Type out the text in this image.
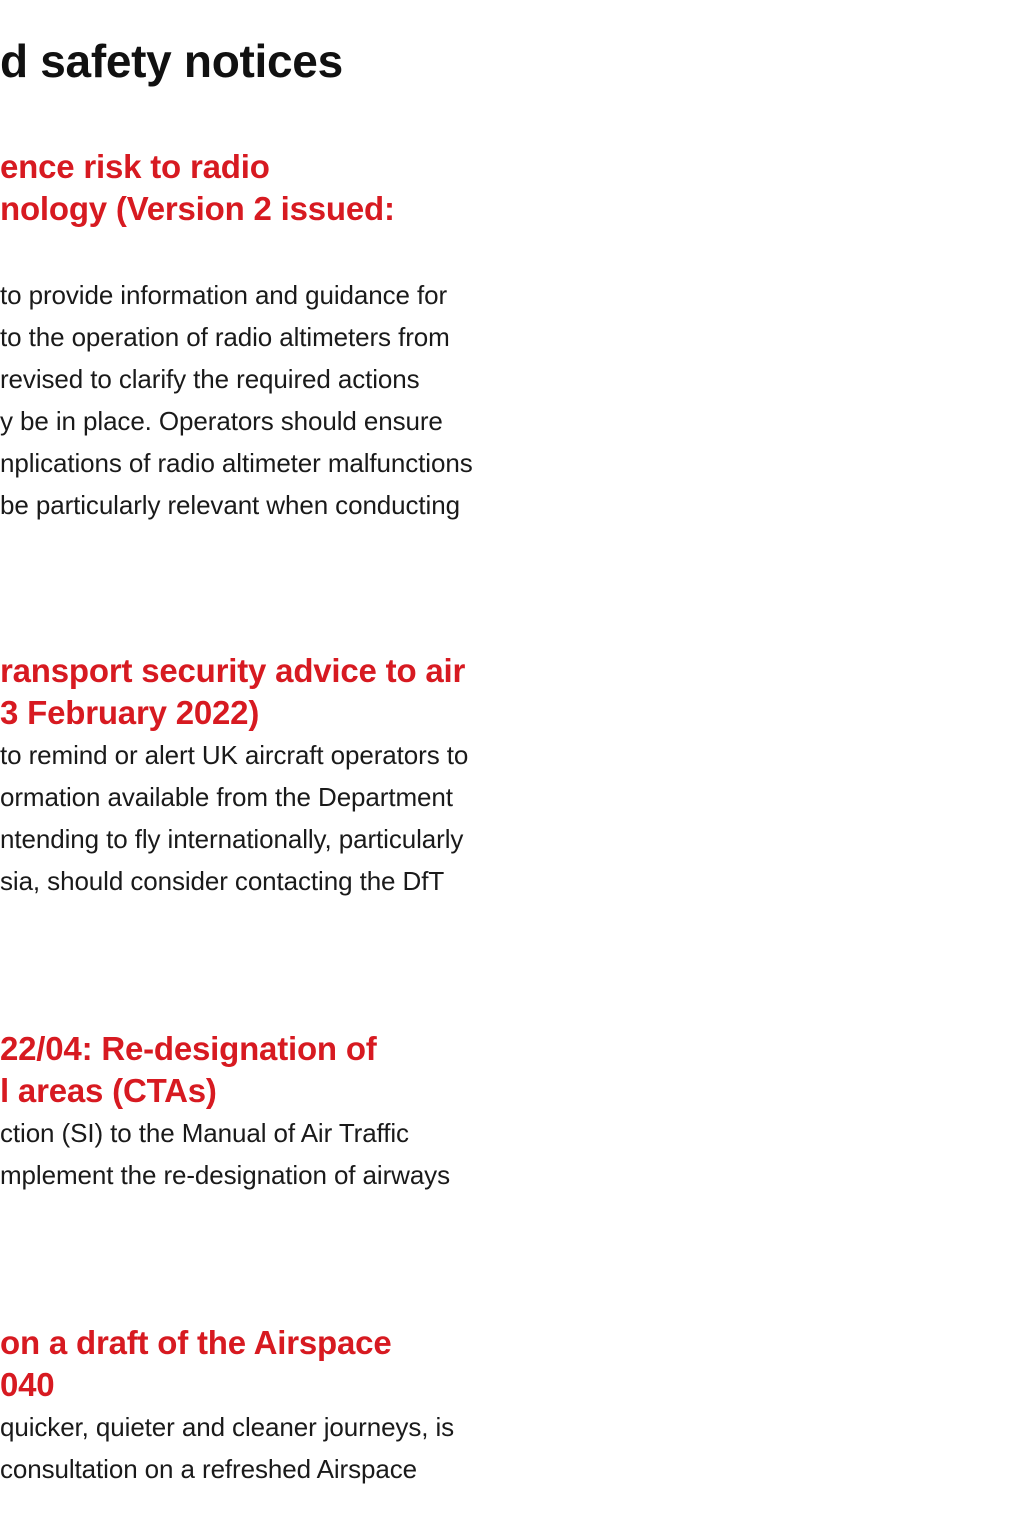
d safety notices
ence risk to radio
nology (Version 2 issued:
to provide information and guidance for
to the operation of radio altimeters from
revised to clarify the required actions
y be in place. Operators should ensure
nplications of radio altimeter malfunctions
be particularly relevant when conducting
ransport security advice to air
3 February 2022)
to remind or alert UK aircraft operators to
ormation available from the Department
ntending to fly internationally, particularly
sia, should consider contacting the DfT
22/04: Re-designation of
l areas (CTAs)
ction (SI) to the Manual of Air Traffic
mplement the re-designation of airways
on a draft of the Airspace
040
quicker, quieter and cleaner journeys, is
consultation on a refreshed Airspace
